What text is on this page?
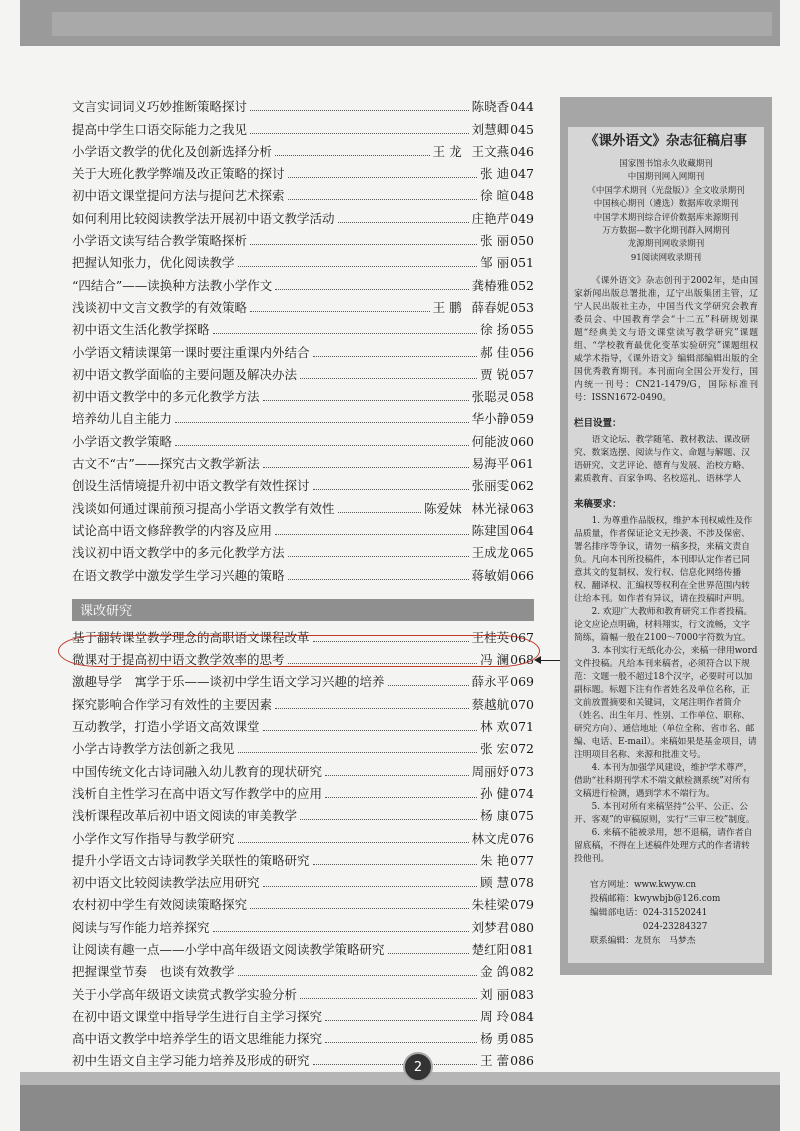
文言实词词义巧妙推断策略探讨	陈晓香 044
提高中学生口语交际能力之我见	刘慧卿 045
小学语文教学的优化及创新选择分析	王 龙 王文燕 046
关于大班化教学弊端及改正策略的探讨	张 迪 047
初中语文课堂提问方法与提问艺术探索	徐 暄 048
如何利用比较阅读教学法开展初中语文教学活动	庄艳芹 049
小学语文读写结合教学策略探析	张 丽 050
把握认知张力，优化阅读教学	邹 丽 051
“四结合”——读换种方法教小学作文	龚椿雅 052
浅谈初中文言文教学的有效策略	王 鹏 薛春妮 053
初中语文生活化教学探略	徐 扬 055
小学语文精读课第一课时要注重课内外结合	郝 佳 056
初中语文教学面临的主要问题及解决办法	贾 锐 057
初中语文教学中的多元化教学方法	张聪灵 058
培养幼儿自主能力	华小静 059
小学语文教学策略	何能波 060
古文不“古”——探究古文教学新法	易海平 061
创设生活情境提升初中语文教学有效性探讨	张丽雯 062
浅谈如何通过课前预习提高小学语文教学有效性	陈爱妹 林光禄 063
试论高中语文修辞教学的内容及应用	陈建国 064
浅议初中语文教学中的多元化教学方法	王成龙 065
在语文教学中激发学生学习兴趣的策略	蒋敏娟 066
课改研究
基于翻转课堂教学理念的高职语文课程改革	王桂英 067
微课对于提高初中语文教学效率的思考	冯 澜 068
激趣导学　寓学于乐——谈初中学生语文学习兴趣的培养	薛永平 069
探究影响合作学习有效性的主要因素	蔡越航 070
互动教学，打造小学语文高效课堂	林 欢 071
小学古诗教学方法创新之我见	张 宏 072
中国传统文化古诗词融入幼儿教育的现状研究	周丽妤 073
浅析自主性学习在高中语文写作教学中的应用	孙 健 074
浅析课程改革后初中语文阅读的审美教学	杨 康 075
小学作文写作指导与教学研究	林文虎 076
提升小学语文古诗词教学关联性的策略研究	朱 艳 077
初中语文比较阅读教学法应用研究	顾 慧 078
农村初中学生有效阅读策略探究	朱桂梁 079
阅读与写作能力培养探究	刘梦君 080
让阅读有趣一点——小学中高年级语文阅读教学策略研究	楚红阳 081
把握课堂节奏　也谈有效教学	金 鸽 082
关于小学高年级语文读赏式教学实验分析	刘 丽 083
在初中语文课堂中指导学生进行自主学习探究	周 玲 084
高中语文教学中培养学生的语文思维能力探究	杨 勇 085
初中生语文自主学习能力培养及形成的研究	王 蕾 086
《课外语文》杂志征稿启事
国家图书馆永久收藏期刊
中国期刊网入网期刊
《中国学术期刊（光盘版）》全文收录期刊
中国核心期刊（遴选）数据库收录期刊
中国学术期刊综合评价数据库来源期刊
万方数据—数字化期刊群入网期刊
龙源期刊网收录期刊
91阅读网收录期刊
《课外语文》杂志创刊于2002年，是由国家新闻出版总署批准，辽宁出版集团主管，辽宁人民出版社主办，中国当代文学研究会教育委员会、中国教育学会“十二五”科研规划课题“经典美文与语文课堂读写教学研究”课题组、“学校教育最优化变革实验研究”课题组权威学术指导，《课外语文》编辑部编辑出版的全国优秀教育期刊。本刊面向全国公开发行，国内统一刊号：CN21-1479/G，国际标准刊号：ISSN1672-0490。
栏目设置：
语文论坛、教学随笔、教材教法、课改研究、数案选摆、阅读与作文、命题与解题、汉语研究、文艺评论、德育与发展、治校方略、素质教育、百家争鸣、名校巡礼、语林学人
来稿要求：
1. 为尊重作品版权，维护本刊权威性及作品质量，作者保证论文无抄袭、不涉及保密、署名排序等争议，请勿一稿多投，来稿文责自负。凡向本刊所投稿件，本刊即认定作者已同意其文的复制权、发行权、信息化网络传播权、翻译权、汇编权等权利在全世界范围内转让给本刊。如作者有异议，请在投稿时声明。
2. 欢迎广大教师和教育研究工作者投稿。论文应论点明确，材料翔实，行文流畅，文字简练，篇幅一般在2100～7000字符数为宜。
3. 本刊实行无纸化办公，来稿一律用word文件投稿。凡给本刊来稿者，必须符合以下规范：文题一般不超过18个汉字，必要时可以加副标题。标题下注有作者姓名及单位名称，正文前放置摘要和关键词，文尾注明作者简介（姓名、出生年月、性别、工作单位、职称、研究方向）、通信地址（单位全称、省市名、邮编、电话、E-mail）。来稿如果是基金项目，请注明项目名称、来源和批准文号。
4. 本刊为加强学风建设，维护学术尊严，借助“社科期刊学术不端文献检测系统”对所有文稿进行检测，遇到学术不端行为。
5. 本刊对所有来稿坚持“公平、公正、公开、客观”的审稿原则，实行“三审三校”制度。
6. 来稿不能被录用，恕不退稿，请作者自留底稿，不得在上述稿件处理方式的作者请转投他刊。
官方网址：www.kwyw.cn
投稿邮箱：kwywbjb@126.com
编辑部电话：024-31520241
　　　　　　024-23284327
联系编辑：龙贤东　马梦杰
2
